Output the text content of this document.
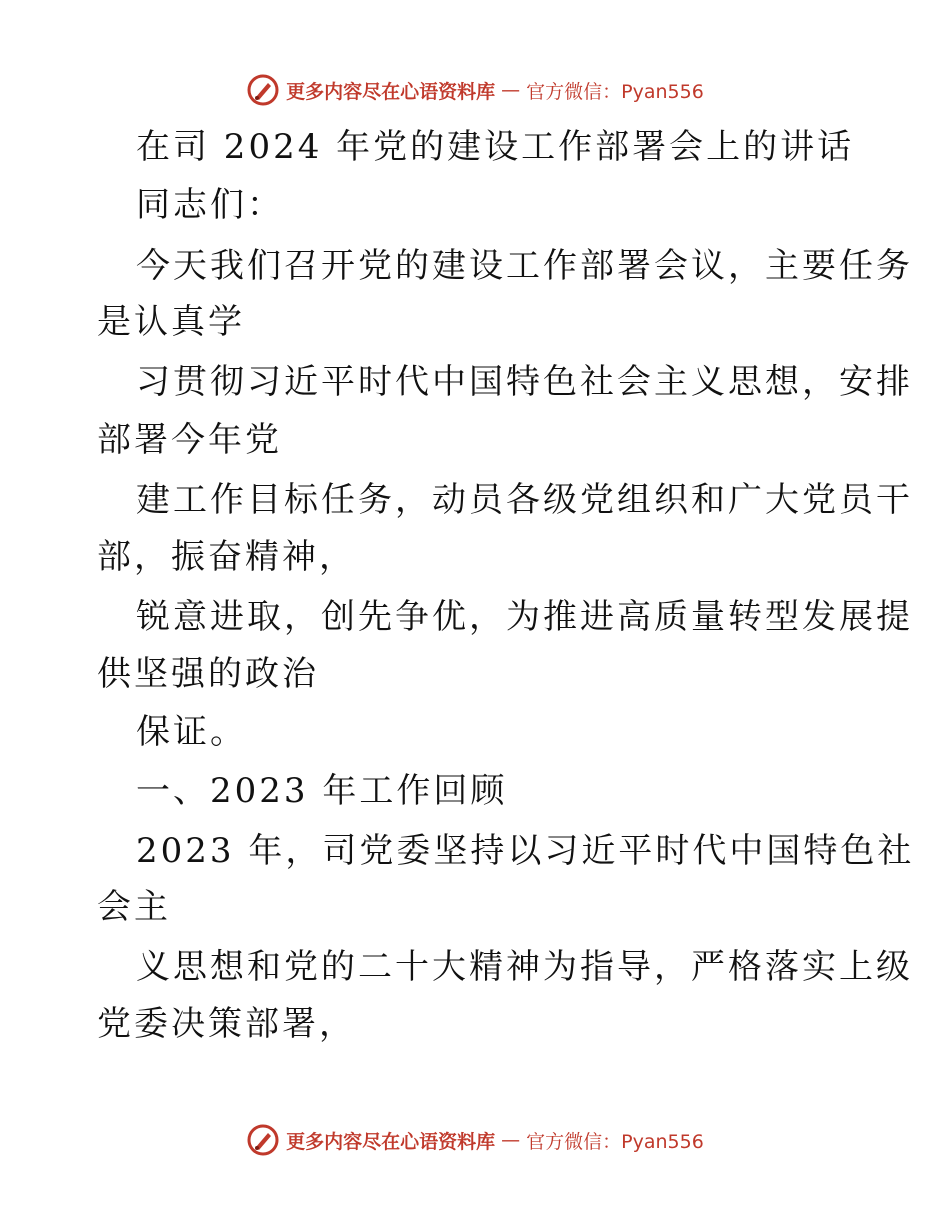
更多内容尽在心语资料库 — 官方微信：Pyan556
在司 2024 年党的建设工作部署会上的讲话
同志们：
今天我们召开党的建设工作部署会议，主要任务
是认真学
习贯彻习近平时代中国特色社会主义思想，安排
部署今年党
建工作目标任务，动员各级党组织和广大党员干
部，振奋精神，
锐意进取，创先争优，为推进高质量转型发展提
供坚强的政治
保证。
一、2023 年工作回顾
2023 年，司党委坚持以习近平时代中国特色社
会主
义思想和党的二十大精神为指导，严格落实上级
党委决策部署，
更多内容尽在心语资料库 — 官方微信：Pyan556
